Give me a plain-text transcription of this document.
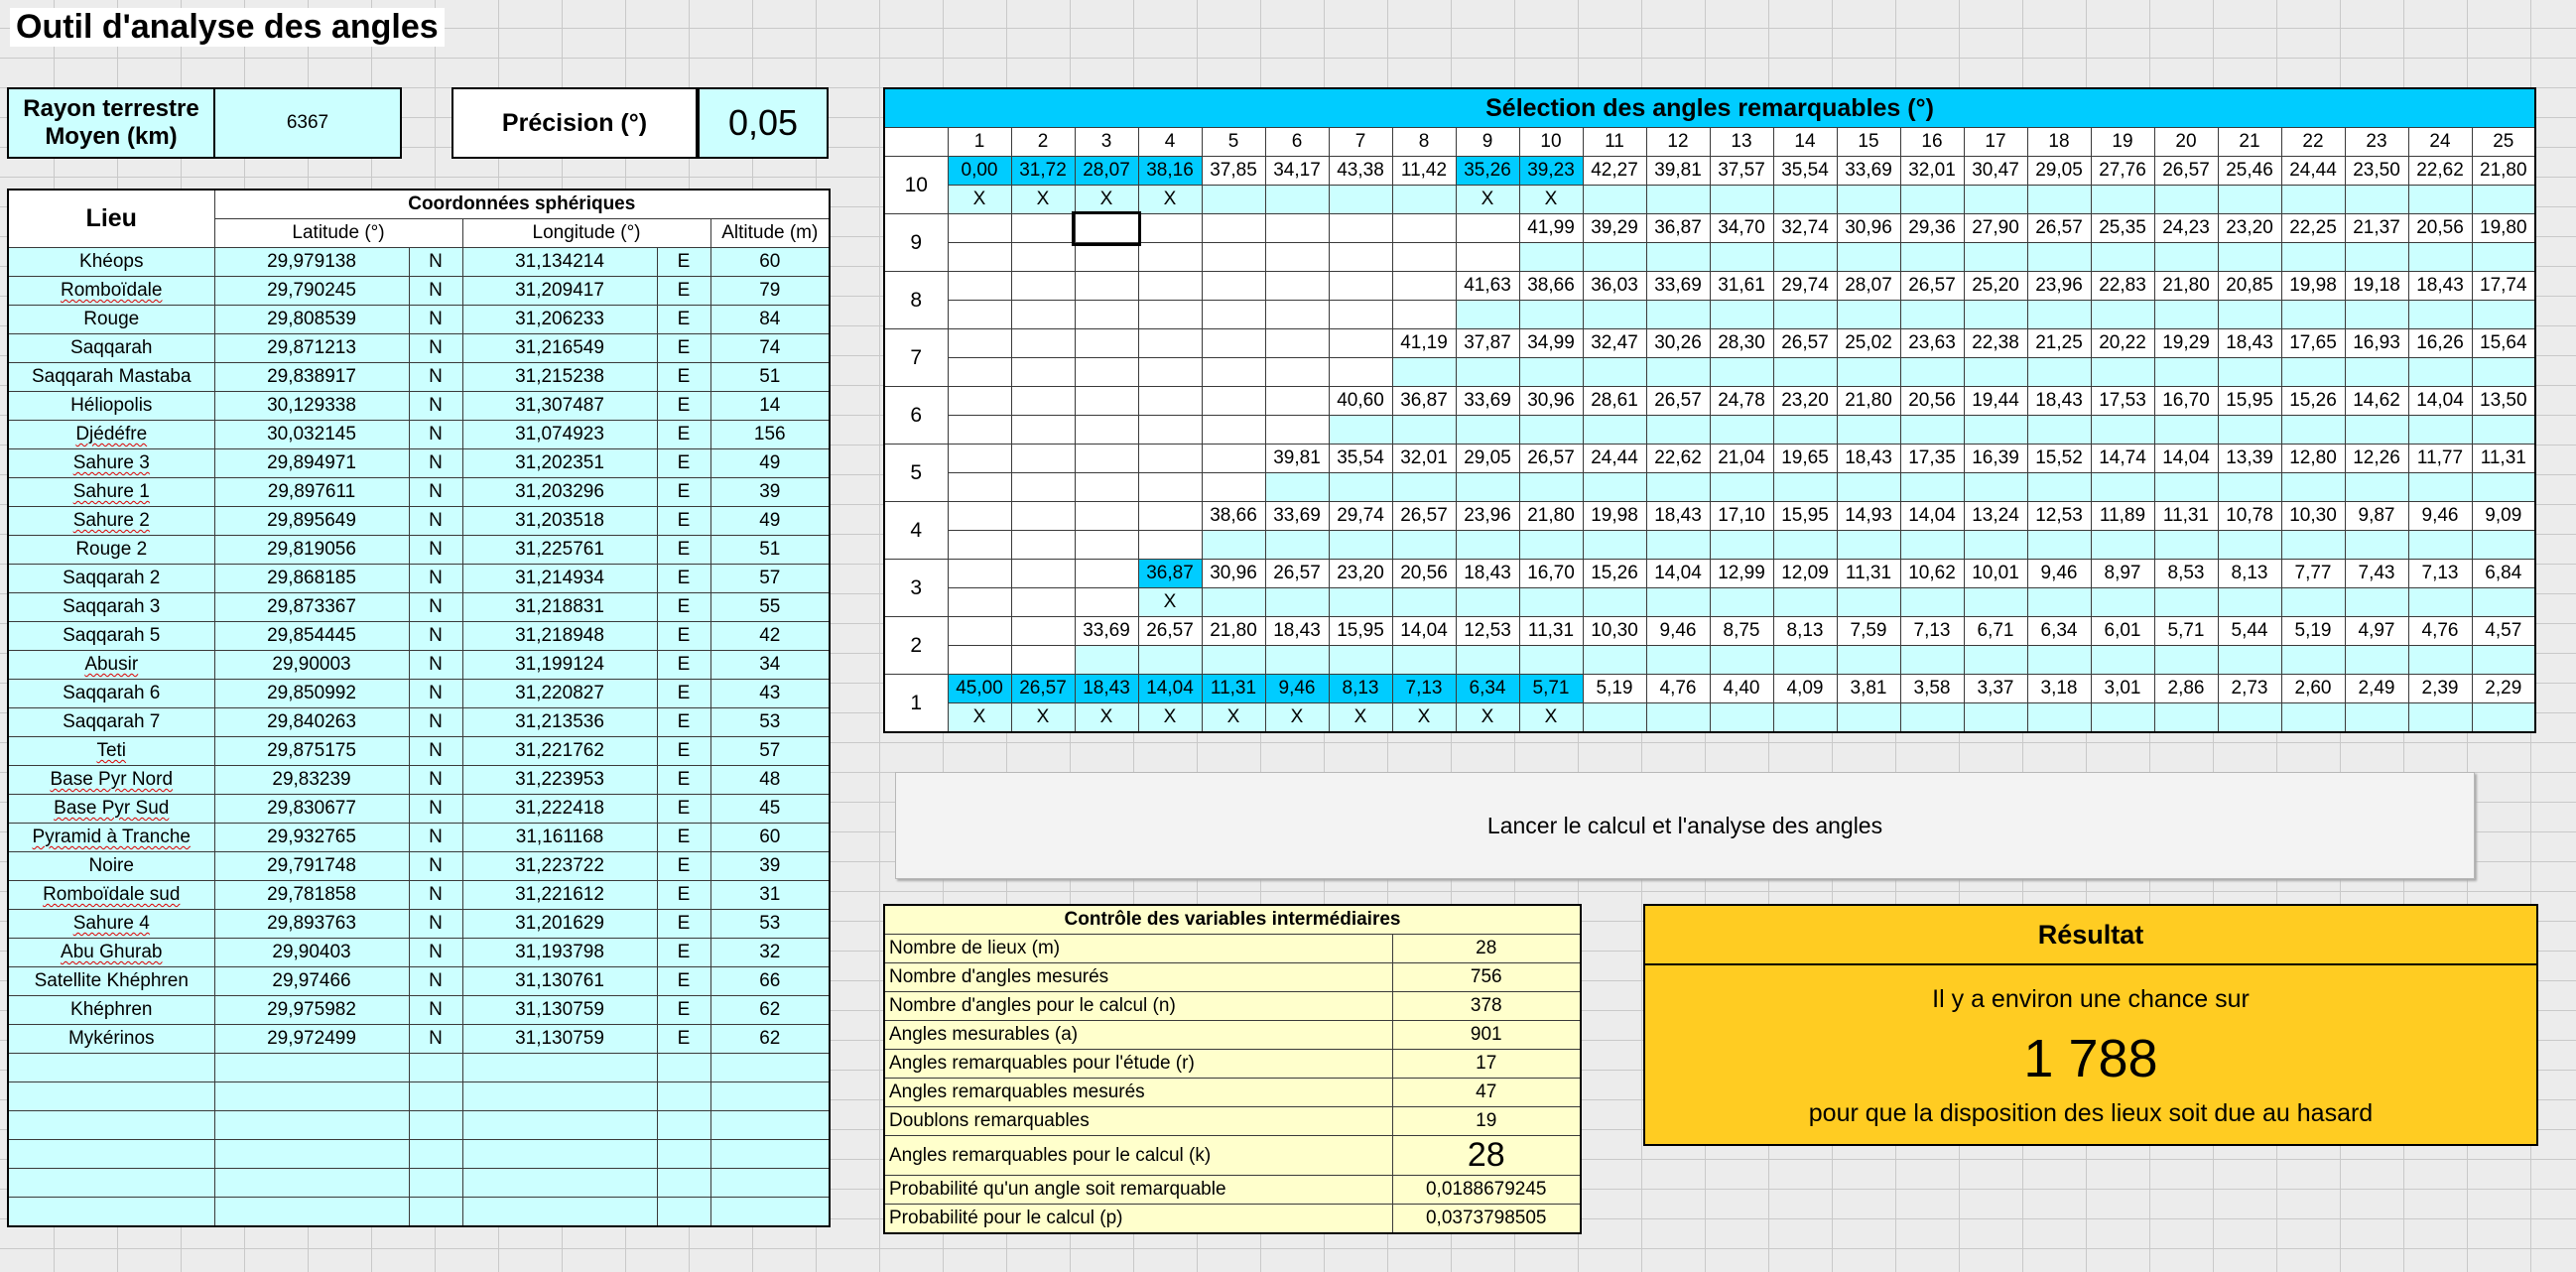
Outil d'analyse des angles
Rayon terrestre
Moyen (km)
6367	Précision (°)	0,05
Lieu	Coordonnées sphériques				
	Latitude (°)		Longitude (°)		Altitude (m)
Khéops	29,979138	N	31,134214	E	60
Romboïdale	29,790245	N	31,209417	E	79
Rouge	29,808539	N	31,206233	E	84
Saqqarah	29,871213	N	31,216549	E	74
Saqqarah Mastaba	29,838917	N	31,215238	E	51
Héliopolis	30,129338	N	31,307487	E	14
Djédéfre	30,032145	N	31,074923	E	156
Sahure 3	29,894971	N	31,202351	E	49
Sahure 1	29,897611	N	31,203296	E	39
Sahure 2	29,895649	N	31,203518	E	49
Rouge 2	29,819056	N	31,225761	E	51
Saqqarah 2	29,868185	N	31,214934	E	57
Saqqarah 3	29,873367	N	31,218831	E	55
Saqqarah 5	29,854445	N	31,218948	E	42
Abusir	29,90003	N	31,199124	E	34
Saqqarah 6	29,850992	N	31,220827	E	43
Saqqarah 7	29,840263	N	31,213536	E	53
Teti	29,875175	N	31,221762	E	57
Base Pyr Nord	29,83239	N	31,223953	E	48
Base Pyr Sud	29,830677	N	31,222418	E	45
Pyramid à Tranche	29,932765	N	31,161168	E	60
Noire	29,791748	N	31,223722	E	39
Romboïdale sud	29,781858	N	31,221612	E	31
Sahure 4	29,893763	N	31,201629	E	53
Abu Ghurab	29,90403	N	31,193798	E	32
Satellite Khéphren	29,97466	N	31,130761	E	66
Khéphren	29,975982	N	31,130759	E	62
Mykérinos	29,972499	N	31,130759	E	62

Sélection des angles remarquables (°)																									
	1	2	3	4	5	6	7	8	9	10	11	12	13	14	15	16	17	18	19	20	21	22	23	24	25
10	0,00	31,72	28,07	38,16	37,85	34,17	43,38	11,42	35,26	39,23	42,27	39,81	37,57	35,54	33,69	32,01	30,47	29,05	27,76	26,57	25,46	24,44	23,50	22,62	21,80
	X	X	X	X					X	X															
9										41,99	39,29	36,87	34,70	32,74	30,96	29,36	27,90	26,57	25,35	24,23	23,20	22,25	21,37	20,56	19,80

8									41,63	38,66	36,03	33,69	31,61	29,74	28,07	26,57	25,20	23,96	22,83	21,80	20,85	19,98	19,18	18,43	17,74

7								41,19	37,87	34,99	32,47	30,26	28,30	26,57	25,02	23,63	22,38	21,25	20,22	19,29	18,43	17,65	16,93	16,26	15,64

6							40,60	36,87	33,69	30,96	28,61	26,57	24,78	23,20	21,80	20,56	19,44	18,43	17,53	16,70	15,95	15,26	14,62	14,04	13,50

5						39,81	35,54	32,01	29,05	26,57	24,44	22,62	21,04	19,65	18,43	17,35	16,39	15,52	14,74	14,04	13,39	12,80	12,26	11,77	11,31

4					38,66	33,69	29,74	26,57	23,96	21,80	19,98	18,43	17,10	15,95	14,93	14,04	13,24	12,53	11,89	11,31	10,78	10,30	9,87	9,46	9,09

3				36,87	30,96	26,57	23,20	20,56	18,43	16,70	15,26	14,04	12,99	12,09	11,31	10,62	10,01	9,46	8,97	8,53	8,13	7,77	7,43	7,13	6,84
				X																					
2			33,69	26,57	21,80	18,43	15,95	14,04	12,53	11,31	10,30	9,46	8,75	8,13	7,59	7,13	6,71	6,34	6,01	5,71	5,44	5,19	4,97	4,76	4,57

1	45,00	26,57	18,43	14,04	11,31	9,46	8,13	7,13	6,34	5,71	5,19	4,76	4,40	4,09	3,81	3,58	3,37	3,18	3,01	2,86	2,73	2,60	2,49	2,39	2,29
	X	X	X	X	X	X	X	X	X	X															
Lancer le calcul et l'analyse des angles
Contrôle des variables intermédiaires	
Nombre de lieux (m)	28
Nombre d'angles mesurés	756
Nombre d'angles pour le calcul (n)	378
Angles mesurables (a)	901
Angles remarquables pour l'étude (r)	17
Angles remarquables mesurés	47
Doublons remarquables	19
Angles remarquables pour le calcul (k)	28
Probabilité qu'un angle soit remarquable	0,0188679245
Probabilité pour le calcul (p)	0,0373798505
Résultat
Il y a environ une chance sur
1 788
pour que la disposition des lieux soit due au hasard
